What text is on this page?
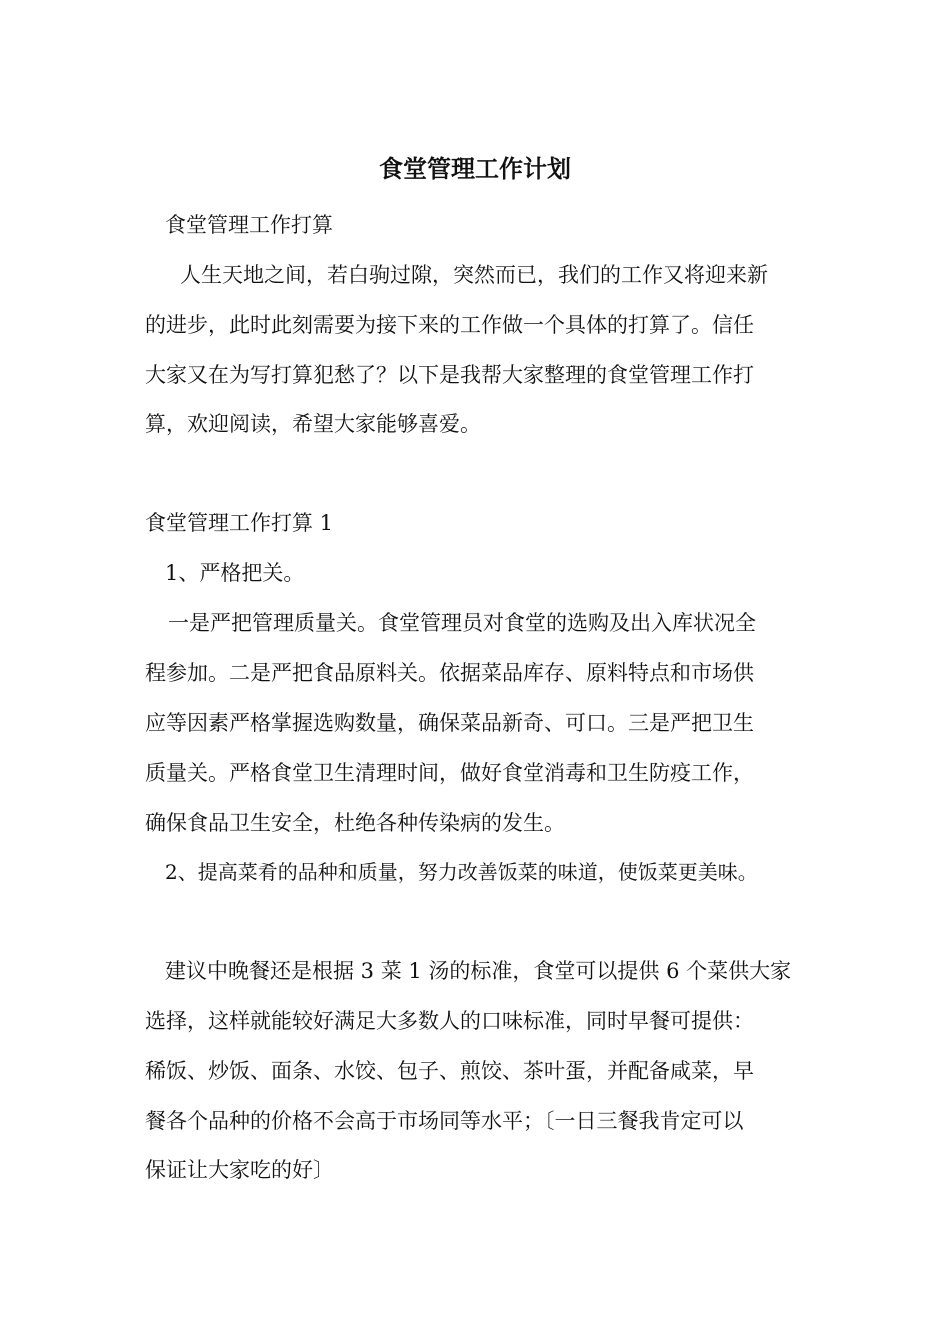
食堂管理工作计划
食堂管理工作打算
人生天地之间，若白驹过隙，突然而已，我们的工作又将迎来新
的进步，此时此刻需要为接下来的工作做一个具体的打算了。信任
大家又在为写打算犯愁了？以下是我帮大家整理的食堂管理工作打
算，欢迎阅读，希望大家能够喜爱。
食堂管理工作打算 1
1、严格把关。
一是严把管理质量关。食堂管理员对食堂的选购及出入库状况全
程参加。二是严把食品原料关。依据菜品库存、原料特点和市场供
应等因素严格掌握选购数量，确保菜品新奇、可口。三是严把卫生
质量关。严格食堂卫生清理时间，做好食堂消毒和卫生防疫工作，
确保食品卫生安全，杜绝各种传染病的发生。
2、提高菜肴的品种和质量，努力改善饭菜的味道，使饭菜更美味。
建议中晚餐还是根据 3 菜 1 汤的标准，食堂可以提供 6 个菜供大家
选择，这样就能较好满足大多数人的口味标准，同时早餐可提供：
稀饭、炒饭、面条、水饺、包子、煎饺、茶叶蛋，并配备咸菜，早
餐各个品种的价格不会高于市场同等水平；〔一日三餐我肯定可以
保证让大家吃的好〕
